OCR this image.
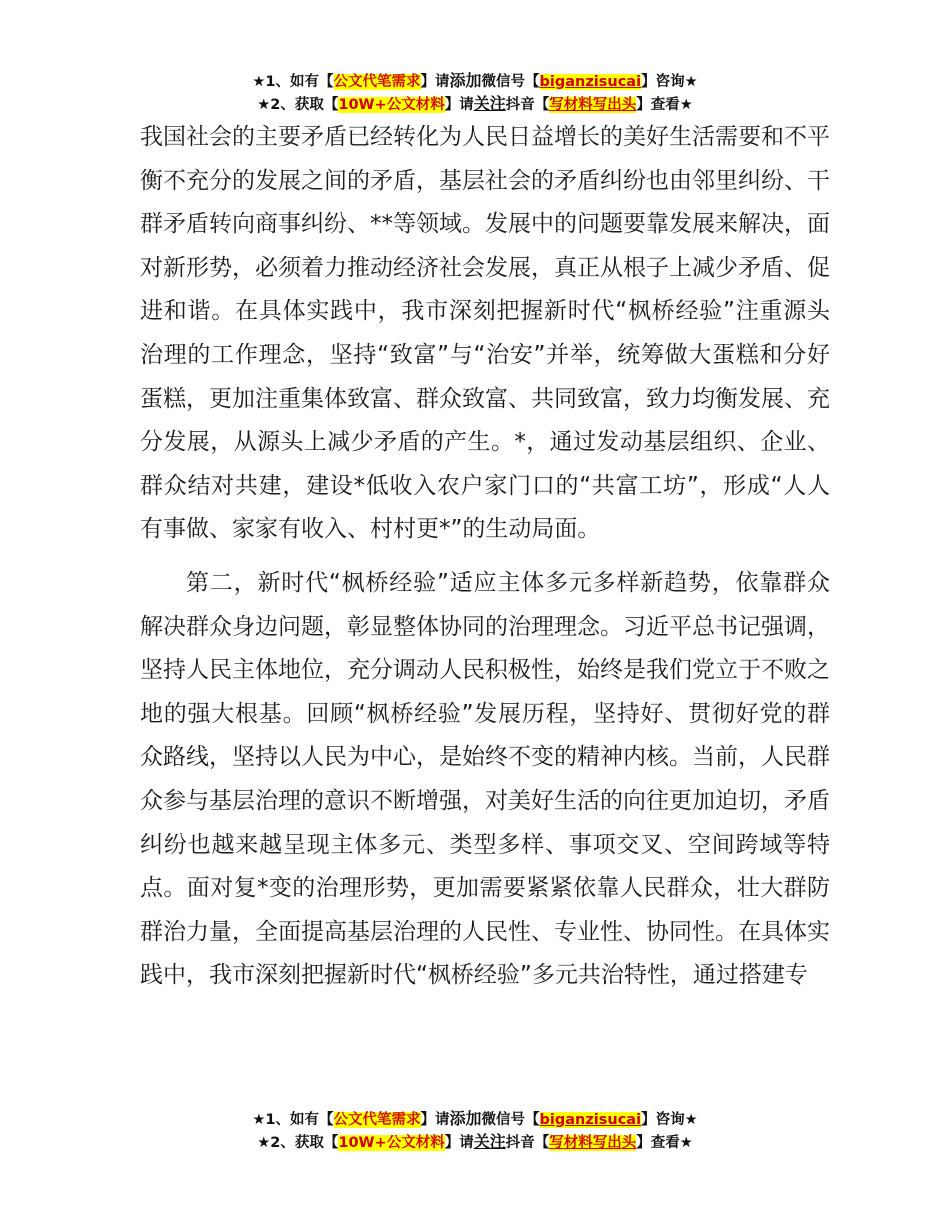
★1、如有【公文代笔需求】请添加微信号【biganzisucai】咨询★
★2、获取【10W+公文材料】请关注抖音【写材料写出头】查看★

我国社会的主要矛盾已经转化为人民日益增长的美好生活需要和不平衡不充分的发展之间的矛盾，基层社会的矛盾纠纷也由邻里纠纷、干群矛盾转向商事纠纷、**等领域。发展中的问题要靠发展来解决，面对新形势，必须着力推动经济社会发展，真正从根子上减少矛盾、促进和谐。在具体实践中，我市深刻把握新时代“枫桥经验”注重源头治理的工作理念，坚持“致富”与“治安”并举，统筹做大蛋糕和分好蛋糕，更加注重集体致富、群众致富、共同致富，致力均衡发展、充分发展，从源头上减少矛盾的产生。*，通过发动基层组织、企业、群众结对共建，建设*低收入农户家门口的“共富工坊”，形成“人人有事做、家家有收入、村村更*”的生动局面。

第二，新时代“枫桥经验”适应主体多元多样新趋势，依靠群众解决群众身边问题，彰显整体协同的治理理念。习近平总书记强调，坚持人民主体地位，充分调动人民积极性，始终是我们党立于不败之地的强大根基。回顾“枫桥经验”发展历程，坚持好、贯彻好党的群众路线，坚持以人民为中心，是始终不变的精神内核。当前，人民群众参与基层治理的意识不断增强，对美好生活的向往更加迫切，矛盾纠纷也越来越呈现主体多元、类型多样、事项交叉、空间跨域等特点。面对复*变的治理形势，更加需要紧紧依靠人民群众，壮大群防群治力量，全面提高基层治理的人民性、专业性、协同性。在具体实践中，我市深刻把握新时代“枫桥经验”多元共治特性，通过搭建专

★1、如有【公文代笔需求】请添加微信号【biganzisucai】咨询★
★2、获取【10W+公文材料】请关注抖音【写材料写出头】查看★
